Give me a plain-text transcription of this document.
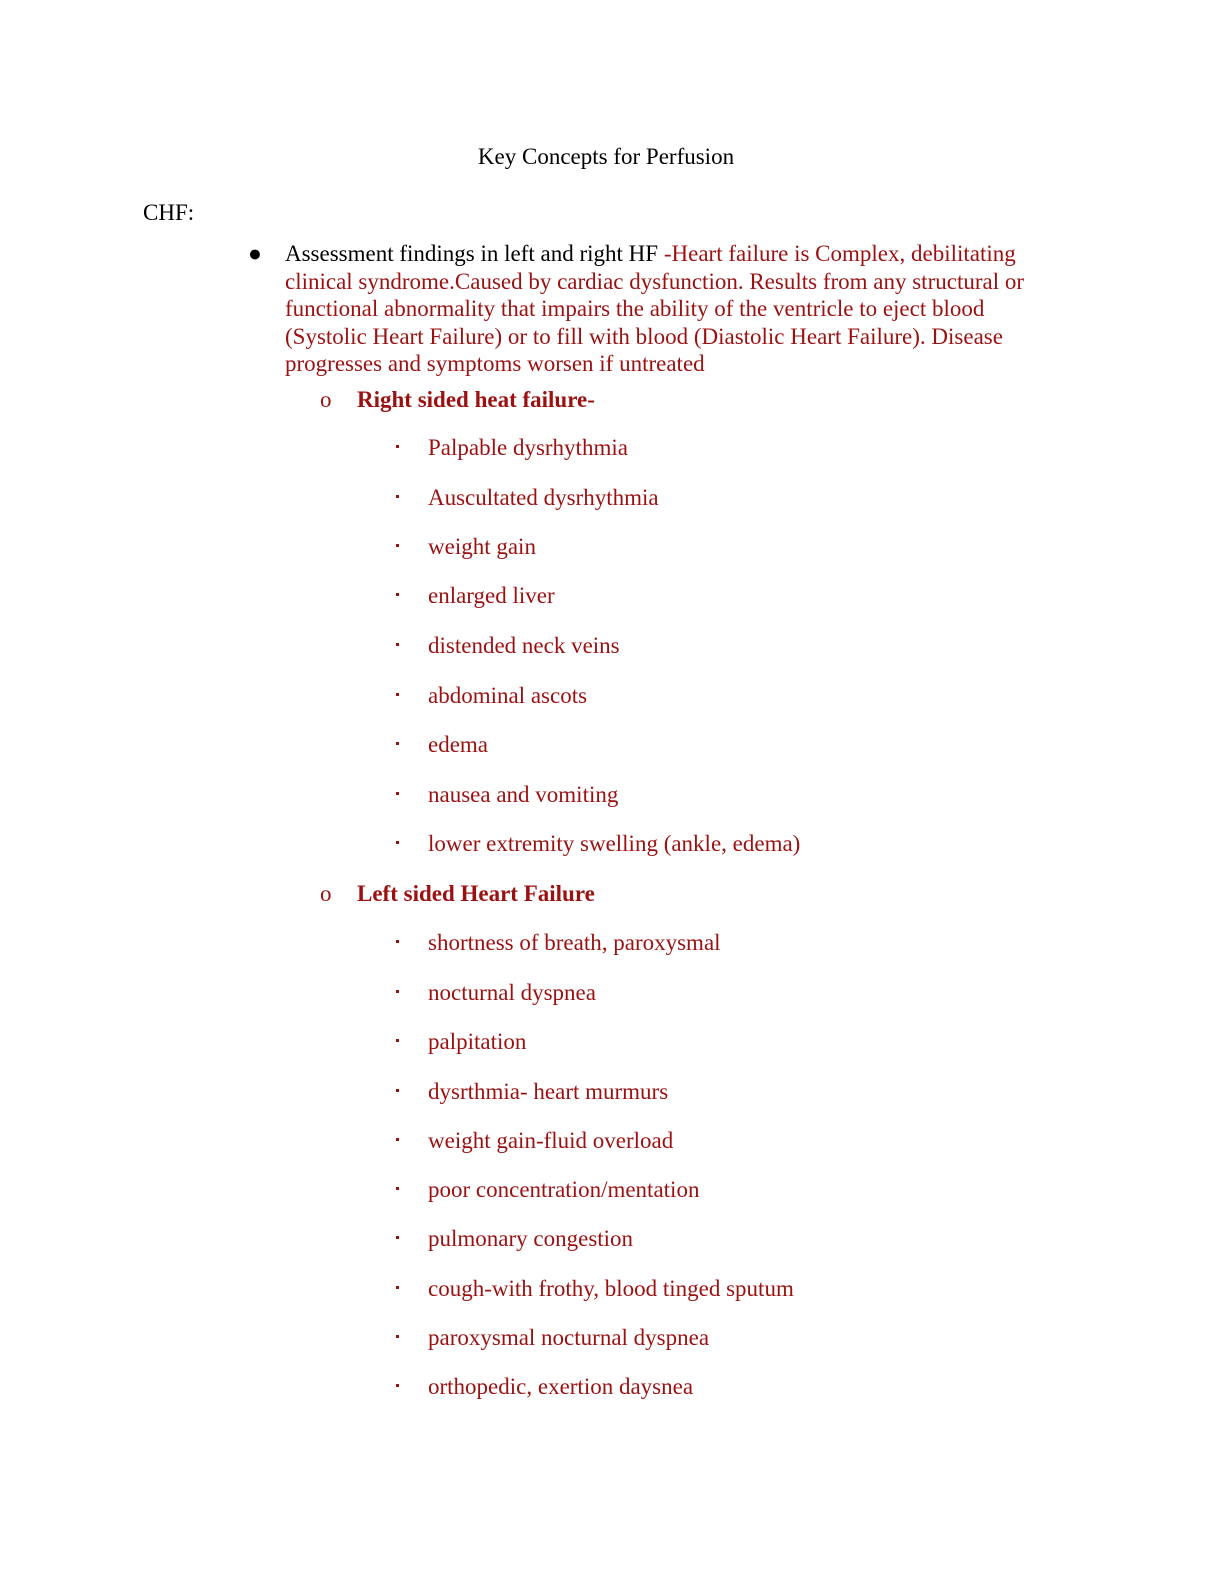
Key Concepts for Perfusion
CHF:
● Assessment findings in left and right HF -Heart failure is Complex, debilitating clinical syndrome.Caused by cardiac dysfunction. Results from any structural or functional abnormality that impairs the ability of the ventricle to eject blood (Systolic Heart Failure) or to fill with blood (Diastolic Heart Failure). Disease progresses and symptoms worsen if untreated
o Right sided heat failure-
Palpable dysrhythmia
Auscultated dysrhythmia
weight gain
enlarged liver
distended neck veins
abdominal ascots
edema
nausea and vomiting
lower extremity swelling (ankle, edema)
o Left sided Heart Failure
shortness of breath, paroxysmal
nocturnal dyspnea
palpitation
dysrthmia- heart murmurs
weight gain-fluid overload
poor concentration/mentation
pulmonary congestion
cough-with frothy, blood tinged sputum
paroxysmal nocturnal dyspnea
orthopedic, exertion daysnea
